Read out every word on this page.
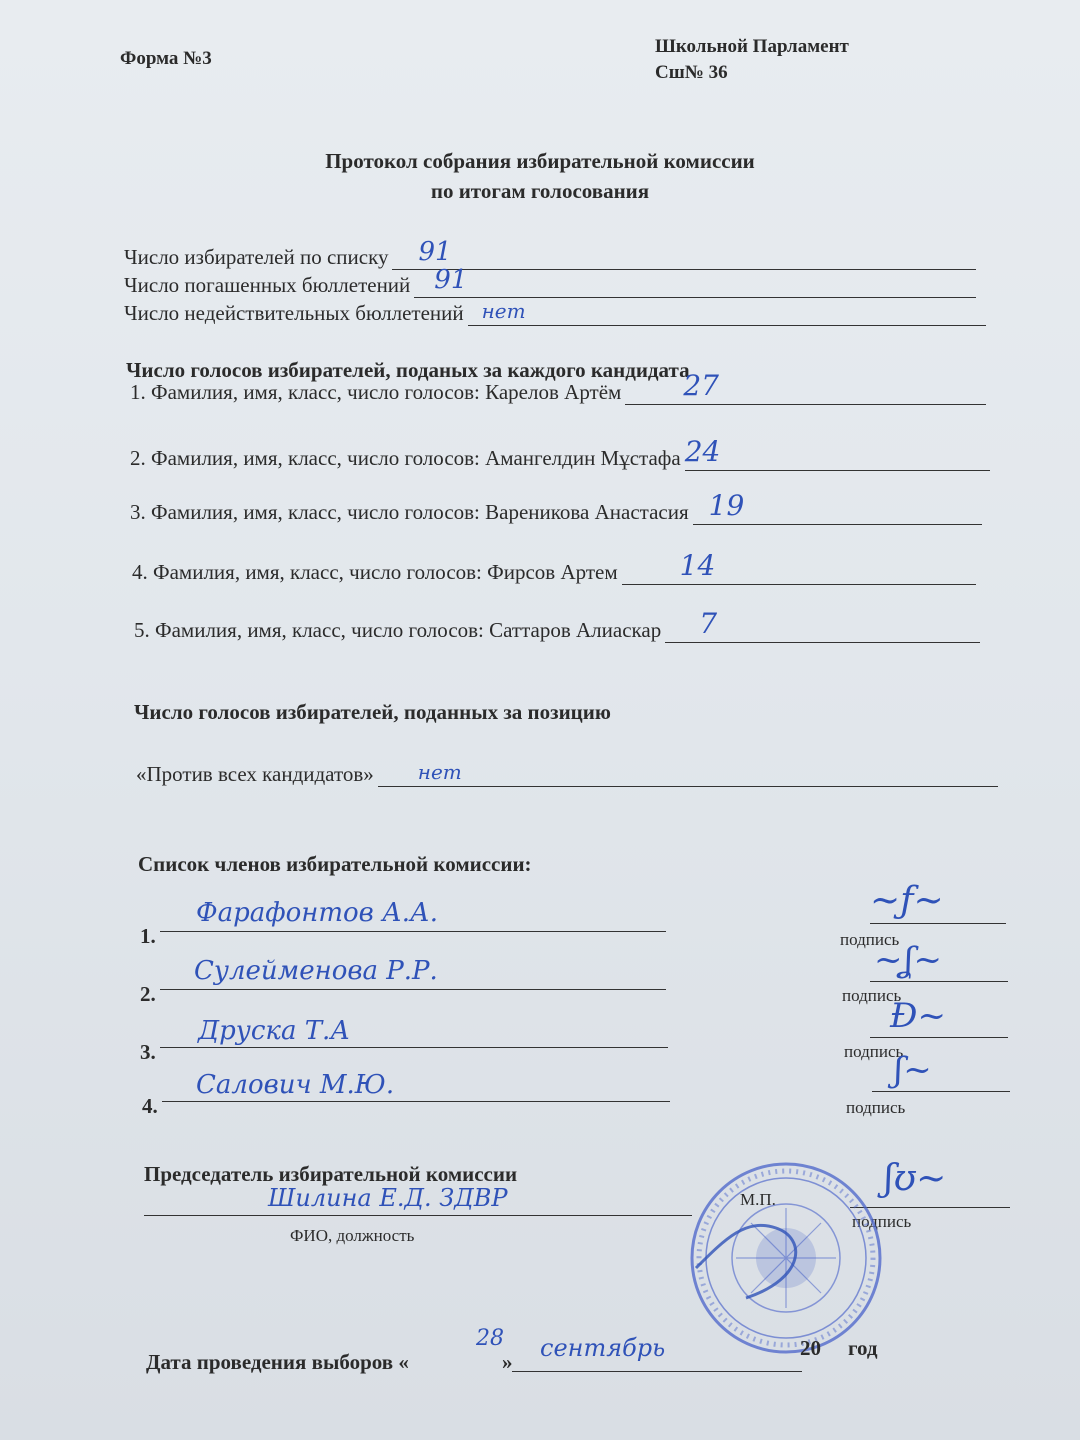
Форма №3
Школьной Парламент
Сш№ 36
Протокол собрания избирательной комиссии
по итогам голосования
Число избирателей по списку 91
Число погашенных бюллетений 91
Число недействительных бюллетений нет
Число голосов избирателей, поданых за каждого кандидата
1. Фамилия, имя, класс, число голосов: Карелов Артём 27
2. Фамилия, имя, класс, число голосов: Амангелдин Мұстафа 24
3. Фамилия, имя, класс, число голосов: Вареникова Анастасия 19
4. Фамилия, имя, класс, число голосов: Фирсов Артем 14
5. Фамилия, имя, класс, число голосов: Саттаров Алиаскар 7
Число голосов избирателей, поданных за позицию
«Против всех кандидатов» нет
Список членов избирательной комиссии:
1.
Фарафонтов А.А.	~ƒ~
подпись
2.
Сулейменова Р.Р.	~ʆ~
подпись
3.
Друска Т.А	Ɖ~
подпись
4.
Салович М.Ю.	ʃ~
подпись
Председатель избирательной комиссии
Шилина Е.Д. ЗДВР
ФИО, должность
М.П.
ʃʊ~
подпись
Дата проведения выборов «
28
» сентябрь	20 год
